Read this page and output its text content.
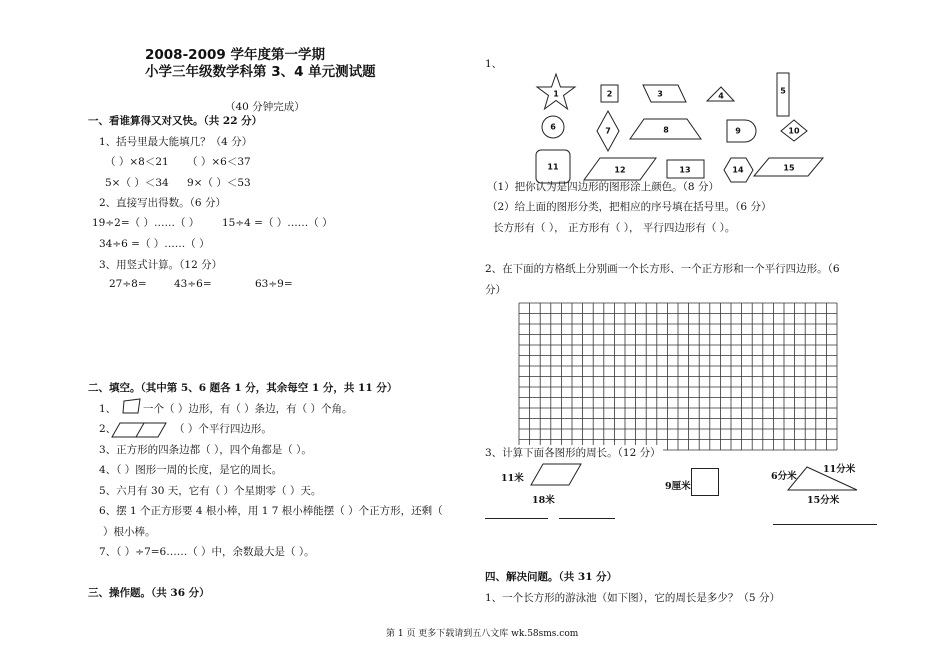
2008-2009 学年度第一学期
小学三年级数学科第 3、4 单元测试题
（40 分钟完成）
一、看谁算得又对又快。（共 22 分）
1、括号里最大能填几？（4 分）
（ ）×8＜21 （ ）×6＜37
5×（ ）＜34 9×（ ）＜53
2、直接写出得数。（6 分）
19÷2=（ ）……（ ） 15÷4 =（ ）……（ ）
34÷6 =（ ）……（ ）
3、用竖式计算。（12 分）
27÷8=	43÷6=	63÷9=
二、填空。（其中第 5、6 题各 1 分，其余每空 1 分，共 11 分）
1、	一个（ ）边形，有（ ）条边，有（ ）个角。
2、	（ ）个平行四边形。
3、正方形的四条边都（ ），四个角都是（ ）。
4、（ ）图形一周的长度，是它的周长。
5、六月有 30 天，它有（ ）个星期零（ ）天。
6、摆 1 个正方形要 4 根小棒，用 1 7 根小棒能摆（ ）个正方形，还剩（
）根小棒。
7、（ ）÷7=6……（ ）中，余数最大是（ ）。
三、操作题。（共 36 分）
1、
1	2	3	4
5
6	7	8	9	10
11	12	13	14	15
（1）把你认为是四边形的图形涂上颜色。（8 分）
（2）给上面的图形分类，把相应的序号填在括号里。（6 分）
长方形有（ ）， 正方形有（ ）， 平行四边形有（ ）。
2、在下面的方格纸上分别画一个长方形、一个正方形和一个平行四边形。（6
分）
3、计算下面各图形的周长。（12 分）
11米
18米
9厘米
6分米
11分米
15分米
四、解决问题。（共 31 分）
1、一个长方形的游泳池（如下图），它的周长是多少？（5 分）
第 1 页 更多下载请到五八文库 wk.58sms.com
